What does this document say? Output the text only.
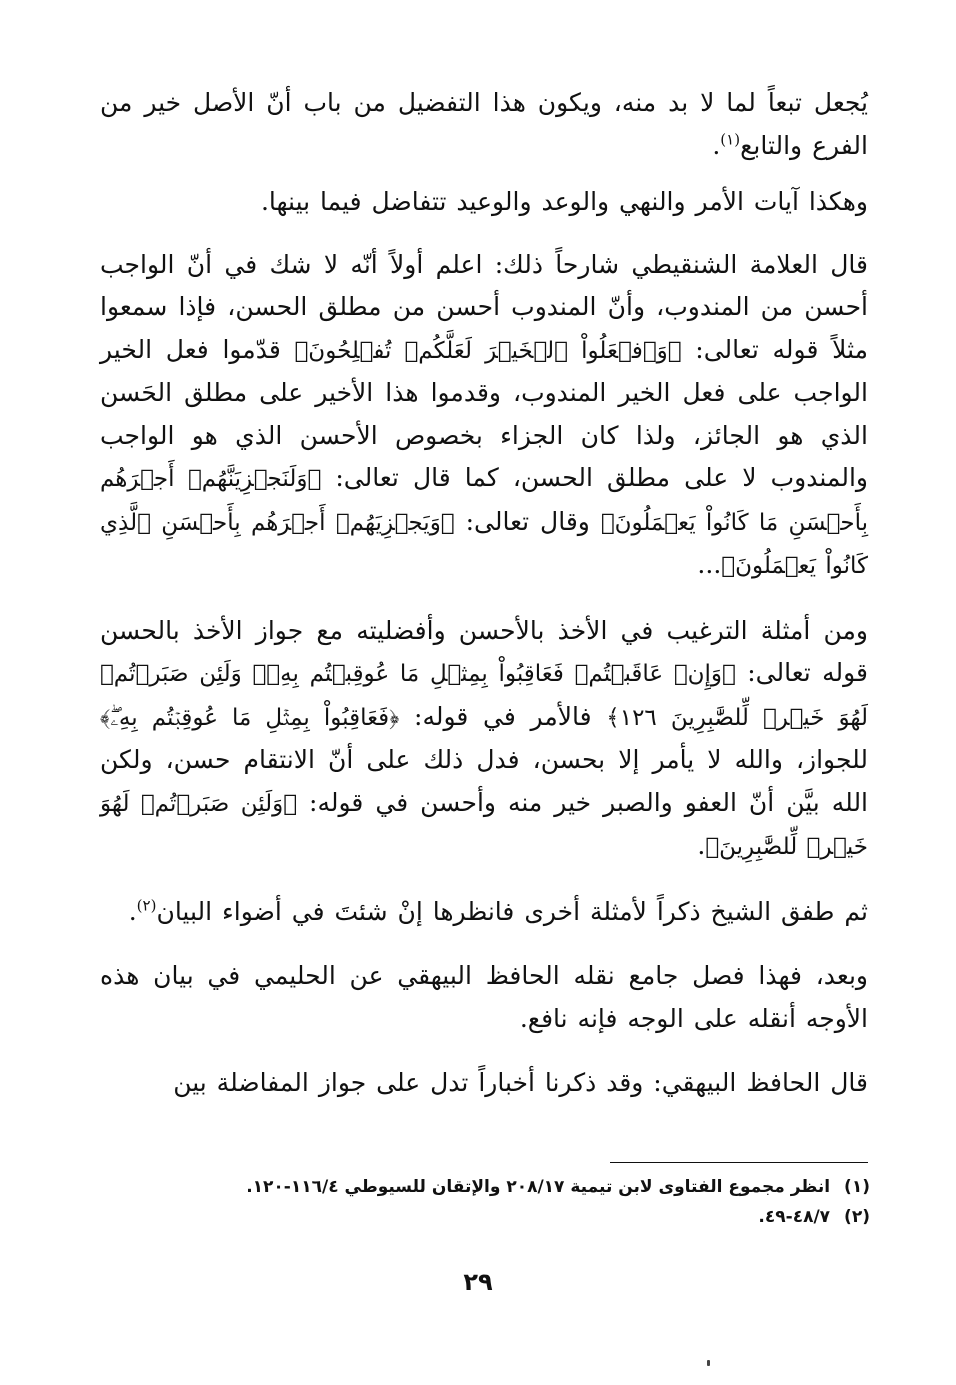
يُجعل تبعاً لما لا بد منه، ويكون هذا التفضيل من باب أنّ الأصل خير من الفرع والتابع$^{(١)}$.

وهكذا آيات الأمر والنهي والوعد والوعيد تتفاضل فيما بينها.

قال العلامة الشنقيطي شارحاً ذلك: اعلم أولاً أنّه لا شك في أنّ الواجب أحسن من المندوب، وأنّ المندوب أحسن من مطلق الحسن، فإذا سمعوا مثلاً قوله تعالى: ﴿وَٱفۡعَلُواْ ٱلۡخَيۡرَ لَعَلَّكُمۡ تُفۡلِحُونَ﴾ قدّموا فعل الخير الواجب على فعل الخير المندوب، وقدموا هذا الأخير على مطلق الحَسن الذي هو الجائز، ولذا كان الجزاء بخصوص الأحسن الذي هو الواجب والمندوب لا على مطلق الحسن، كما قال تعالى: ﴿وَلَنَجۡزِيَنَّهُمۡ أَجۡرَهُم بِأَحۡسَنِ مَا كَانُواْ يَعۡمَلُونَ﴾ وقال تعالى: ﴿وَيَجۡزِيَهُمۡ أَجۡرَهُم بِأَحۡسَنِ ٱلَّذِي كَانُواْ يَعۡمَلُونَ﴾...

ومن أمثلة الترغيب في الأخذ بالأحسن وأفضليته مع جواز الأخذ بالحسن قوله تعالى: ﴿وَإِنۡ عَاقَبۡتُمۡ فَعَاقِبُواْ بِمِثۡلِ مَا عُوقِبۡتُم بِهِۦۖ وَلَئِن صَبَرۡتُمۡ لَهُوَ خَيۡرٞ لِّلصَّٰبِرِينَ ١٢٦﴾ فالأمر في قوله: ﴿فَعَاقِبُواْ بِمِثۡلِ مَا عُوقِبۡتُم بِهِۦۖ﴾ للجواز، والله لا يأمر إلا بحسن، فدل ذلك على أنّ الانتقام حسن، ولكن الله بيَّن أنّ العفو والصبر خير منه وأحسن في قوله: ﴿وَلَئِن صَبَرۡتُمۡ لَهُوَ خَيۡرٞ لِّلصَّٰبِرِينَ﴾.

ثم طفق الشيخ ذكراً لأمثلة أخرى فانظرها إنْ شئتَ في أضواء البيان$^{(٢)}$.

وبعد، فهذا فصل جامع نقله الحافظ البيهقي عن الحليمي في بيان هذه الأوجه أنقله على الوجه فإنه نافع.

قال الحافظ البيهقي: وقد ذكرنا أخباراً تدل على جواز المفاضلة بين

(١)انظر مجموع الفتاوى لابن تيمية ٢٠٨/١٧ والإتقان للسيوطي ١١٦/٤-١٢٠.
(٢)٤٨/٧-٤٩.
٢٩
